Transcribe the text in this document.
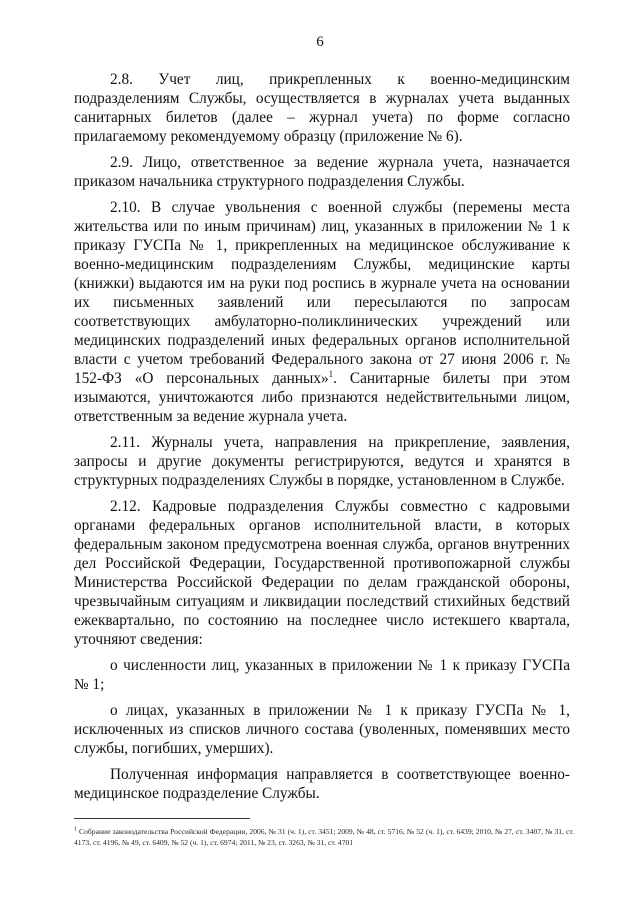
6

2.8. Учет лиц, прикрепленных к военно-медицинским подразделениям Службы, осуществляется в журналах учета выданных санитарных билетов (далее – журнал учета) по форме согласно прилагаемому рекомендуемому образцу (приложение № 6).

2.9. Лицо, ответственное за ведение журнала учета, назначается приказом начальника структурного подразделения Службы.

2.10. В случае увольнения с военной службы (перемены места жительства или по иным причинам) лиц, указанных в приложении № 1 к приказу ГУСПа № 1, прикрепленных на медицинское обслуживание к военно-медицинским подразделениям Службы, медицинские карты (книжки) выдаются им на руки под роспись в журнале учета на основании их письменных заявлений или пересылаются по запросам соответствующих амбулаторно-поликлинических учреждений или медицинских подразделений иных федеральных органов исполнительной власти с учетом требований Федерального закона от 27 июня 2006 г. № 152-ФЗ «О персональных данных»$^1$. Санитарные билеты при этом изымаются, уничтожаются либо признаются недействительными лицом, ответственным за ведение журнала учета.

2.11. Журналы учета, направления на прикрепление, заявления, запросы и другие документы регистрируются, ведутся и хранятся в структурных подразделениях Службы в порядке, установленном в Службе.

2.12. Кадровые подразделения Службы совместно с кадровыми органами федеральных органов исполнительной власти, в которых федеральным законом предусмотрена военная служба, органов внутренних дел Российской Федерации, Государственной противопожарной службы Министерства Российской Федерации по делам гражданской обороны, чрезвычайным ситуациям и ликвидации последствий стихийных бедствий ежеквартально, по состоянию на последнее число истекшего квартала, уточняют сведения:

о численности лиц, указанных в приложении № 1 к приказу ГУСПа № 1;

о лицах, указанных в приложении № 1 к приказу ГУСПа № 1, исключенных из списков личного состава (уволенных, поменявших место службы, погибших, умерших).

Полученная информация направляется в соответствующее военно-медицинское подразделение Службы.

$^1$ Собрание законодательства Российской Федерации, 2006, № 31 (ч. 1), ст. 3451; 2009, № 48, ст. 5716, № 52 (ч. 1), ст. 6439; 2010, № 27, ст. 3407, № 31, ст. 4173, ст. 4196, № 49, ст. 6409, № 52 (ч. 1), ст. 6974; 2011, № 23, ст. 3263, № 31, ст. 4701
